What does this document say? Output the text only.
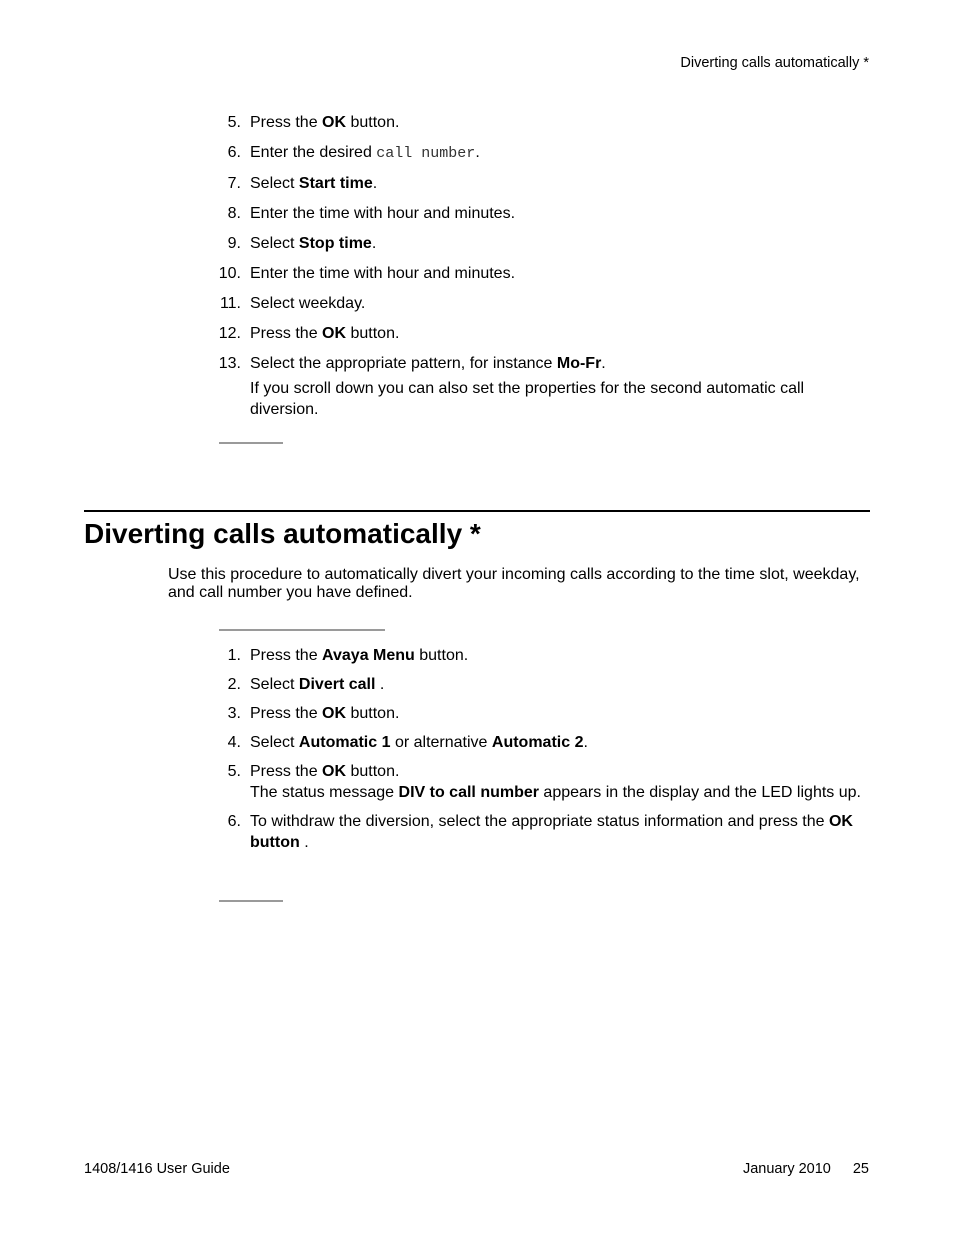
Diverting calls automatically *
5. Press the OK button.
6. Enter the desired call number.
7. Select Start time.
8. Enter the time with hour and minutes.
9. Select Stop time.
10. Enter the time with hour and minutes.
11. Select weekday.
12. Press the OK button.
13. Select the appropriate pattern, for instance Mo-Fr.
If you scroll down you can also set the properties for the second automatic call diversion.
Diverting calls automatically *

Use this procedure to automatically divert your incoming calls according to the time slot, weekday, and call number you have defined.

1. Press the Avaya Menu button.
2. Select Divert call .
3. Press the OK button.
4. Select Automatic 1 or alternative Automatic 2.
5. Press the OK button.
The status message DIV to call number appears in the display and the LED lights up.
6. To withdraw the diversion, select the appropriate status information and press the OK button .
1408/1416 User Guide	January 2010 25
